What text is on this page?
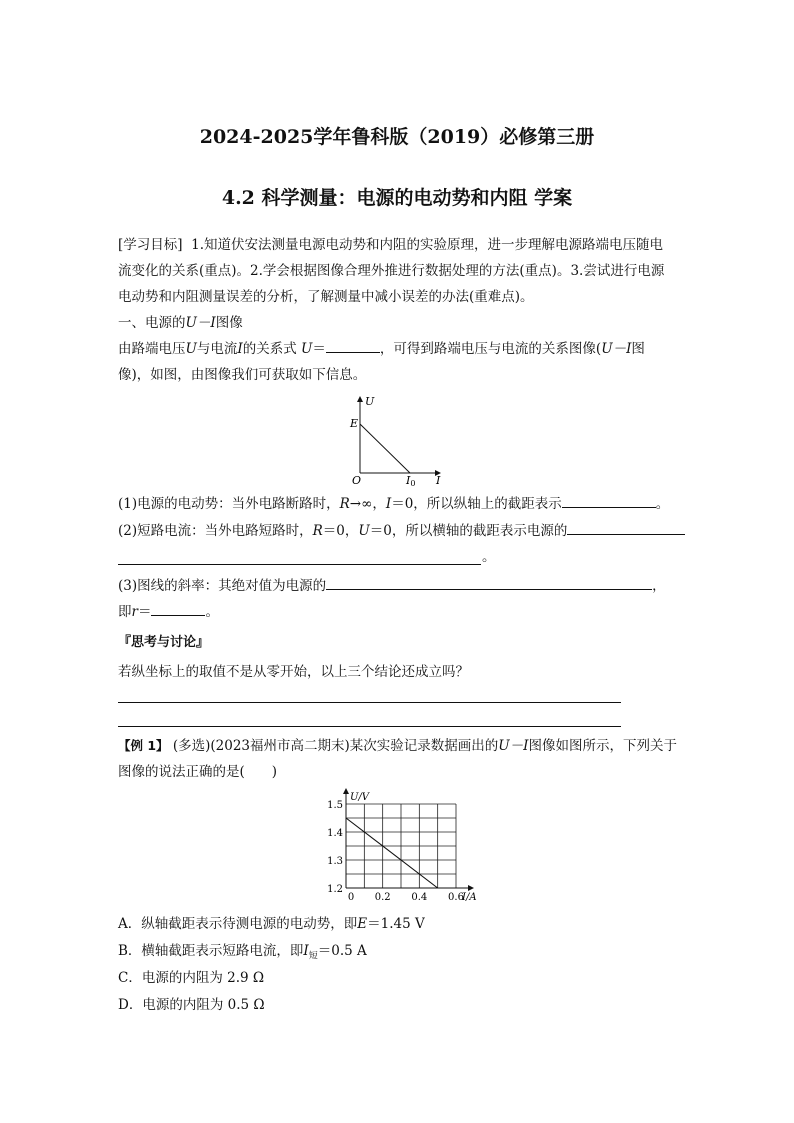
2024-2025学年鲁科版（2019）必修第三册
4.2 科学测量：电源的电动势和内阻 学案
[学习目标] 1.知道伏安法测量电源电动势和内阻的实验原理，进一步理解电源路端电压随电
流变化的关系(重点)。2.学会根据图像合理外推进行数据处理的方法(重点)。3.尝试进行电源
电动势和内阻测量误差的分析，了解测量中减小误差的办法(重难点)。
一、电源的U－I图像
由路端电压U与电流I的关系式 U＝	，可得到路端电压与电流的关系图像(U－I图
像)，如图，由图像我们可获取如下信息。
U
E
O	I0 I
(1)电源的电动势：当外电路断路时，R→∞，I＝0，所以纵轴上的截距表示	。
(2)短路电流：当外电路短路时，R＝0，U＝0，所以横轴的截距表示电源的
。
(3)图线的斜率：其绝对值为电源的	，
即r＝	。
『思考与讨论』
若纵坐标上的取值不是从零开始，以上三个结论还成立吗？
【例 1】 (多选)(2023福州市高二期末)某次实验记录数据画出的U－I图像如图所示，下列关于
图像的说法正确的是(　　)
1.2
1.3
1.4
1.5
0.2 0.4 0.6
0
U/V
I/A
A．纵轴截距表示待测电源的电动势，即E＝1.45 V
B．横轴截距表示短路电流，即$I_短=0.5$ A
C．电源的内阻为 2.9 Ω
D．电源的内阻为 0.5 Ω
